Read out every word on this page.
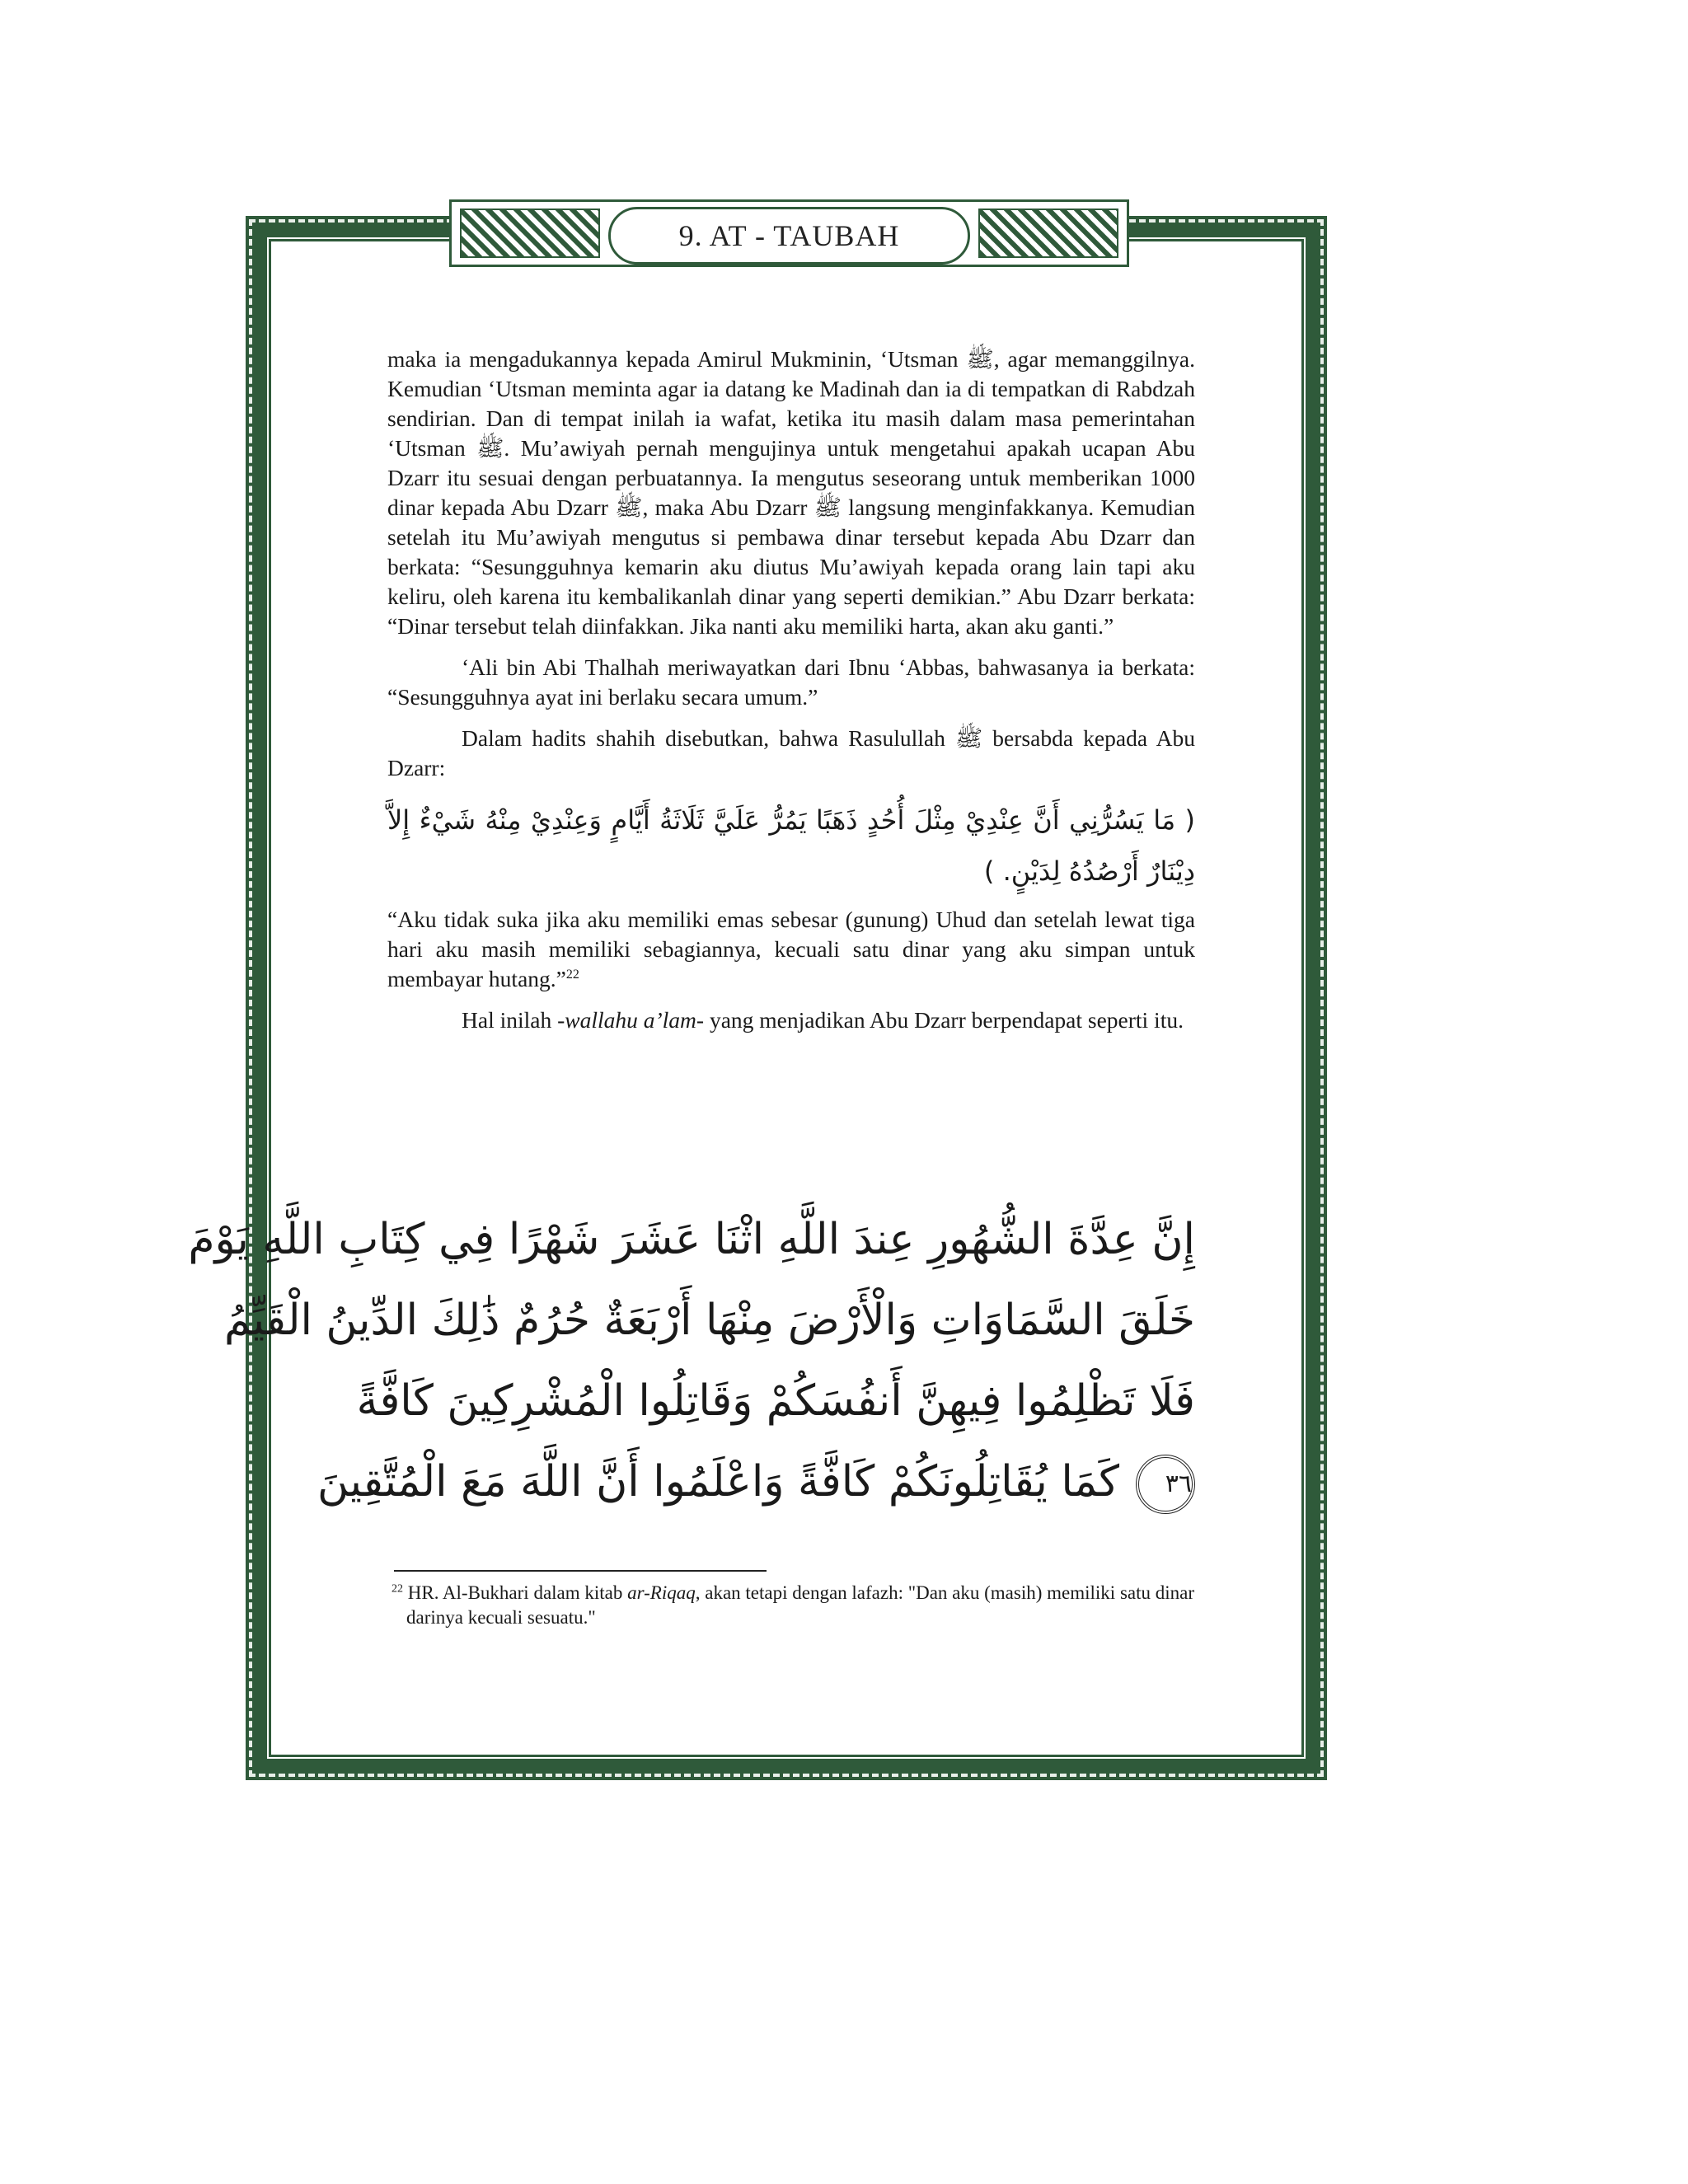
9. AT - TAUBAH

maka ia mengadukannya kepada Amirul Mukminin, ‘Utsman ﷺ, agar memanggilnya. Kemudian ‘Utsman meminta agar ia datang ke Madinah dan ia di tempatkan di Rabdzah sendirian. Dan di tempat inilah ia wafat, ketika itu masih dalam masa pemerintahan ‘Utsman ﷺ. Mu’awiyah pernah mengujinya untuk mengetahui apakah ucapan Abu Dzarr itu sesuai dengan perbuatannya. Ia mengutus seseorang untuk memberikan 1000 dinar kepada Abu Dzarr ﷺ, maka Abu Dzarr ﷺ langsung menginfakkanya. Kemudian setelah itu Mu’awiyah mengutus si pembawa dinar tersebut kepada Abu Dzarr dan berkata: “Sesungguhnya kemarin aku diutus Mu’awiyah kepada orang lain tapi aku keliru, oleh karena itu kembalikanlah dinar yang seperti demikian.” Abu Dzarr berkata: “Dinar tersebut telah diinfakkan. Jika nanti aku memiliki harta, akan aku ganti.”

‘Ali bin Abi Thalhah meriwayatkan dari Ibnu ‘Abbas, bahwasanya ia berkata: “Sesungguhnya ayat ini berlaku secara umum.”

Dalam hadits shahih disebutkan, bahwa Rasulullah ﷺ bersabda kepada Abu Dzarr:

( مَا يَسُرُّنِي أَنَّ عِنْدِيْ مِثْلَ أُحُدٍ ذَهَبًا يَمُرُّ عَلَيَّ ثَلَاثَةُ أَيَّامٍ وَعِنْدِيْ مِنْهُ شَيْءٌ إِلاَّ دِيْنَارٌ أَرْصُدُهُ لِدَيْنٍ. )

“Aku tidak suka jika aku memiliki emas sebesar (gunung) Uhud dan setelah lewat tiga hari aku masih memiliki sebagiannya, kecuali satu dinar yang aku simpan untuk membayar hutang.”$^{22}$

Hal inilah -wallahu a’lam- yang menjadikan Abu Dzarr berpendapat seperti itu.

إِنَّ عِدَّةَ الشُّهُورِ عِندَ اللَّهِ اثْنَا عَشَرَ شَهْرًا فِي كِتَابِ اللَّهِ يَوْمَ
خَلَقَ السَّمَاوَاتِ وَالْأَرْضَ مِنْهَا أَرْبَعَةٌ حُرُمٌ ذَٰلِكَ الدِّينُ الْقَيِّمُ
فَلَا تَظْلِمُوا فِيهِنَّ أَنفُسَكُمْ وَقَاتِلُوا الْمُشْرِكِينَ كَافَّةً
٣٦كَمَا يُقَاتِلُونَكُمْ كَافَّةً وَاعْلَمُوا أَنَّ اللَّهَ مَعَ الْمُتَّقِينَ
$^{22}$ HR. Al-Bukhari dalam kitab ar-Riqaq, akan tetapi dengan lafazh: "Dan aku (masih) memiliki satu dinar darinya kecuali sesuatu."
